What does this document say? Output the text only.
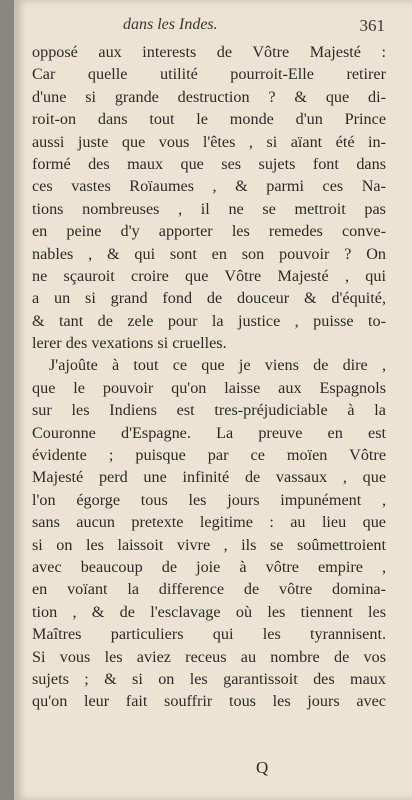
dans les Indes.	361
opposé aux interests de Vôtre Majesté :
Car quelle utilité pourroit-Elle retirer
d'une si grande destruction ? & que di-
roit-on dans tout le monde d'un Prince
aussi juste que vous l'êtes , si aïant été in-
formé des maux que ses sujets font dans
ces vastes Roïaumes , & parmi ces Na-
tions nombreuses , il ne se mettroit pas
en peine d'y apporter les remedes conve-
nables , & qui sont en son pouvoir ? On
ne sçauroit croire que Vôtre Majesté , qui
a un si grand fond de douceur & d'équité,
& tant de zele pour la justice , puisse to-
lerer des vexations si cruelles.
J'ajoûte à tout ce que je viens de dire ,
que le pouvoir qu'on laisse aux Espagnols
sur les Indiens est tres-préjudiciable à la
Couronne d'Espagne. La preuve en est
évidente ; puisque par ce moïen Vôtre
Majesté perd une infinité de vassaux , que
l'on égorge tous les jours impunément ,
sans aucun pretexte legitime : au lieu que
si on les laissoit vivre , ils se soûmettroient
avec beaucoup de joie à vôtre empire ,
en voïant la difference de vôtre domina-
tion , & de l'esclavage où les tiennent les
Maîtres particuliers qui les tyrannisent.
Si vous les aviez receus au nombre de vos
sujets ; & si on les garantissoit des maux
qu'on leur fait souffrir tous les jours avec
Q
